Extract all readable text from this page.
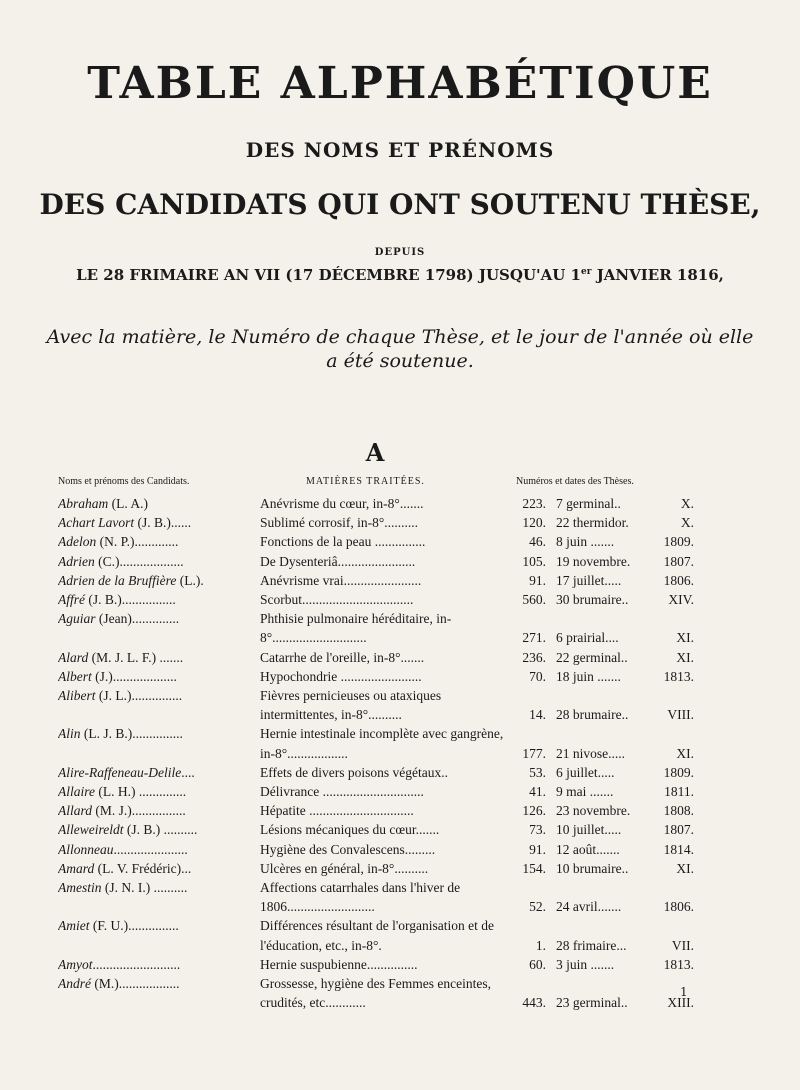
TABLE ALPHABÉTIQUE
DES NOMS ET PRÉNOMS
DES CANDIDATS QUI ONT SOUTENU THÈSE,
DEPUIS
LE 28 FRIMAIRE AN VII (17 DÉCEMBRE 1798) JUSQU'AU 1er JANVIER 1816,
Avec la matière, le Numéro de chaque Thèse, et le jour de l'année où elle a été soutenue.
A
Noms et prénoms des Candidats.	MATIÈRES TRAITÉES.	Numéros et dates des Thèses.
Abraham (L. A.)	Anévrisme du cœur, in-8°.......	223. 7 germinal..	X.
Achart Lavort (J. B.)......	Sublimé corrosif, in-8°..........	120. 22 thermidor.	X.
Adelon (N. P.).............	Fonctions de la peau ...............	46. 8 juin .......	1809.
Adrien (C.)...................	De Dysenteriâ.......................	105. 19 novembre.	1807.
Adrien de la Bruffière (L.).	Anévrisme vrai.......................	91. 17 juillet.....	1806.
Affré (J. B.)................	Scorbut.................................	560. 30 brumaire..	XIV.
Aguiar (Jean)..............	Phthisie pulmonaire héréditaire, in-8°............................	271. 6 prairial....	XI.
Alard (M. J. L. F.) .......	Catarrhe de l'oreille, in-8°.......	236. 22 germinal..	XI.
Albert (J.)...................	Hypochondrie ........................	70. 18 juin .......	1813.
Alibert (J. L.)...............	Fièvres pernicieuses ou ataxiques intermittentes, in-8°..........	14. 28 brumaire..	VIII.
Alin (L. J. B.)...............	Hernie intestinale incomplète avec gangrène, in-8°..................	177. 21 nivose.....	XI.
Alire-Raffeneau-Delile....	Effets de divers poisons végétaux..	53. 6 juillet.....	1809.
Allaire (L. H.) ..............	Délivrance ..............................	41. 9 mai .......	1811.
Allard (M. J.)................	Hépatite ...............................	126. 23 novembre.	1808.
Alleweireldt (J. B.) ..........	Lésions mécaniques du cœur.......	73. 10 juillet.....	1807.
Allonneau......................	Hygiène des Convalescens.........	91. 12 août.......	1814.
Amard (L. V. Frédéric)...	Ulcères en général, in-8°..........	154. 10 brumaire..	XI.
Amestin (J. N. I.) ..........	Affections catarrhales dans l'hiver de 1806..........................	52. 24 avril.......	1806.
Amiet (F. U.)...............	Différences résultant de l'organisation et de l'éducation, etc., in-8°.	1. 28 frimaire...	VII.
Amyot..........................	Hernie suspubienne...............	60. 3 juin .......	1813.
André (M.)..................	Grossesse, hygiène des Femmes enceintes, crudités, etc............	443. 23 germinal..	XIII.
1
